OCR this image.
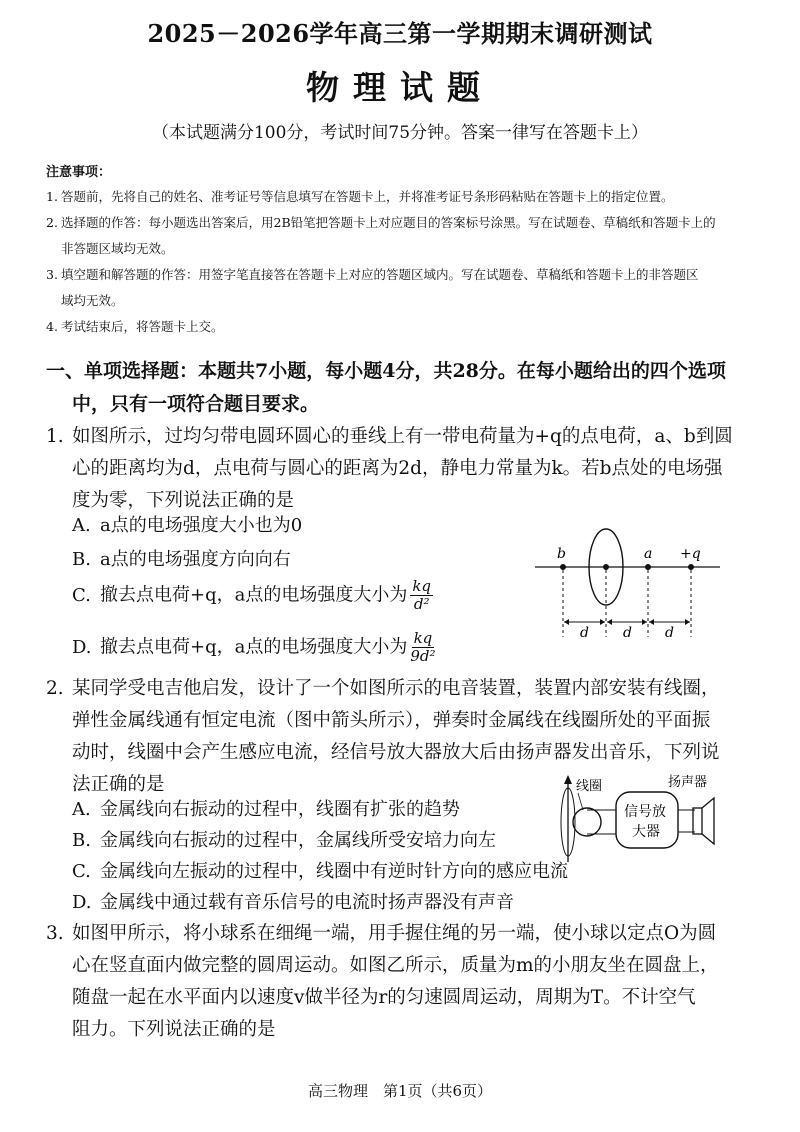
2025－2026学年高三第一学期期末调研测试
物理试题
（本试题满分100分，考试时间75分钟。答案一律写在答题卡上）
注意事项：
1. 答题前，先将自己的姓名、准考证号等信息填写在答题卡上，并将准考证号条形码粘贴在答题卡上的指定位置。
2. 选择题的作答：每小题选出答案后，用2B铅笔把答题卡上对应题目的答案标号涂黑。写在试题卷、草稿纸和答题卡上的
非答题区域均无效。
3. 填空题和解答题的作答：用签字笔直接答在答题卡上对应的答题区域内。写在试题卷、草稿纸和答题卡上的非答题区
域均无效。
4. 考试结束后，将答题卡上交。
一、单项选择题：本题共7小题，每小题4分，共28分。在每小题给出的四个选项
中，只有一项符合题目要求。
1. 如图所示，过均匀带电圆环圆心的垂线上有一带电荷量为+q的点电荷，a、b到圆
心的距离均为d，点电荷与圆心的距离为2d，静电力常量为k。若b点处的电场强
度为零，下列说法正确的是
A. a点的电场强度大小也为0
B. a点的电场强度方向向右
C. 撤去点电荷+q，a点的电场强度大小为 $\frac{kq}{\text{d²}}$
D. 撤去点电荷+q，a点的电场强度大小为 $\frac{kq}{\text{9d²}}$
b	a +q
d d d
2. 某同学受电吉他启发，设计了一个如图所示的电音装置，装置内部安装有线圈，
弹性金属线通有恒定电流（图中箭头所示），弹奏时金属线在线圈所处的平面振
动时，线圈中会产生感应电流，经信号放大器放大后由扬声器发出音乐，下列说
法正确的是
A. 金属线向右振动的过程中，线圈有扩张的趋势
B. 金属线向右振动的过程中，金属线所受安培力向左
C. 金属线向左振动的过程中，线圈中有逆时针方向的感应电流
D. 金属线中通过载有音乐信号的电流时扬声器没有声音
线圈
信号放
大器
扬声器
3. 如图甲所示，将小球系在细绳一端，用手握住绳的另一端，使小球以定点O为圆
心在竖直面内做完整的圆周运动。如图乙所示，质量为m的小朋友坐在圆盘上，
随盘一起在水平面内以速度v做半径为r的匀速圆周运动，周期为T。不计空气
阻力。下列说法正确的是
高三物理　第1页（共6页）
